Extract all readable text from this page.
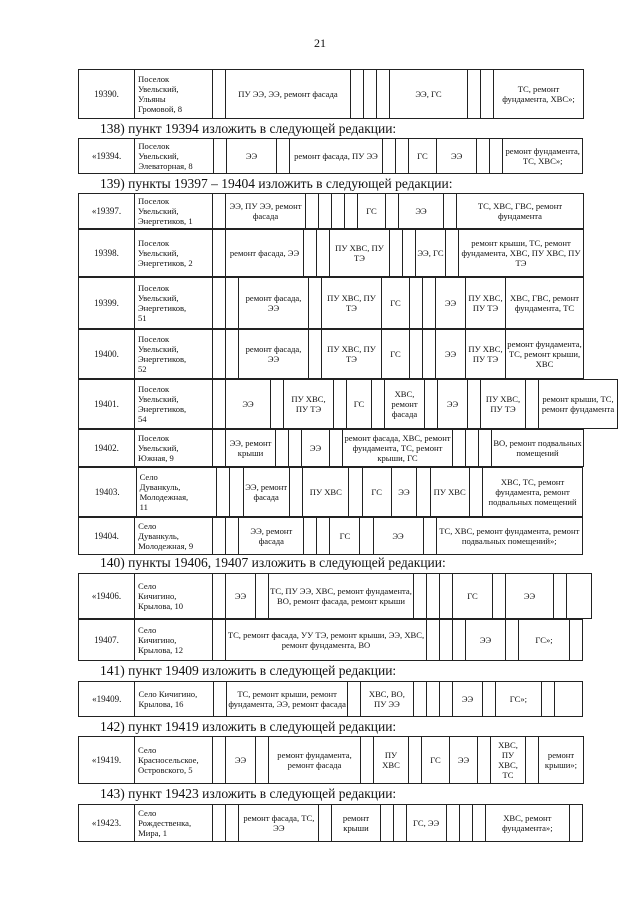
21
19390.	
Поселок
Увельский,
Ульяны
Громовой, 8
		ПУ ЭЭ, ЭЭ, ремонт фасада				ЭЭ, ГС			ТС, ремонт фундамента, ХВС»;
138) пункт 19394 изложить в следующей редакции:
«19394.	
Поселок
Увельский,
Элеваторная, 8
		ЭЭ		ремонт фасада, ПУ ЭЭ			ГС	ЭЭ			ремонт фундамента, ТС, ХВС»;
139) пункты 19397 – 19404 изложить в следующей редакции:
«19397.	
Поселок
Увельский,
Энергетиков, 1
		ЭЭ, ПУ ЭЭ, ремонт фасада					ГС		ЭЭ		ТС, ХВС, ГВС, ремонт фундамента
19398.	
Поселок
Увельский,
Энергетиков, 2
		ремонт фасада, ЭЭ			ПУ ХВС, ПУ ТЭ			ЭЭ, ГС		ремонт крыши, ТС, ремонт фундамента, ХВС, ПУ ХВС, ПУ ТЭ
19399.	
Поселок
Увельский,
Энергетиков,
51
			ремонт фасада, ЭЭ		ПУ ХВС, ПУ ТЭ	ГС			ЭЭ	ПУ ХВС, ПУ ТЭ	ХВС, ГВС, ремонт фундамента, ТС
19400.	
Поселок
Увельский,
Энергетиков,
52
			ремонт фасада, ЭЭ		ПУ ХВС, ПУ ТЭ	ГС			ЭЭ	ПУ ХВС, ПУ ТЭ	ремонт фундамента, ТС, ремонт крыши, ХВС
19401.	
Поселок
Увельский,
Энергетиков,
54
		ЭЭ		ПУ ХВС, ПУ ТЭ		ГС		ХВС, ремонт фасада		ЭЭ		ПУ ХВС, ПУ ТЭ		ремонт крыши, ТС, ремонт фундамента
19402.	
Поселок
Увельский,
Южная, 9
		ЭЭ, ремонт крыши			ЭЭ		ремонт фасада, ХВС, ремонт фундамента, ТС, ремонт крыши, ГС				ВО, ремонт подвальных помещений
19403.	
Село
Дуванкуль,
Молодежная,
11
			ЭЭ, ремонт фасада		ПУ ХВС		ГС	ЭЭ		ПУ ХВС		ХВС, ТС, ремонт фундамента, ремонт подвальных помещений
19404.	
Село
Дуванкуль,
Молодежная, 9
			ЭЭ, ремонт фасада			ГС		ЭЭ		ТС, ХВС, ремонт фундамента, ремонт подвальных помещений»;
140) пункты 19406, 19407 изложить в следующей редакции:
«19406.	
Село
Кичигино,
Крылова, 10
		ЭЭ		ТС, ПУ ЭЭ, ХВС, ремонт фундамента, ВО, ремонт фасада, ремонт крыши				ГС		ЭЭ		
19407.	
Село
Кичигино,
Крылова, 12
		ТС, ремонт фасада, УУ ТЭ, ремонт крыши, ЭЭ, ХВС, ремонт фундамента, ВО				ЭЭ		ГС»;	
141) пункт 19409 изложить в следующей редакции:
«19409.	Село Кичигино,
Крылова, 16
		ТС, ремонт крыши, ремонт фундамента, ЭЭ, ремонт фасада		ХВС, ВО, ПУ ЭЭ				ЭЭ		ГС»;		
142) пункт 19419 изложить в следующей редакции:
«19419.	
Село
Красносельское,
Островского, 5
		ЭЭ		ремонт фундамента, ремонт фасада		ПУ ХВС		ГС	ЭЭ		ХВС, ПУ ХВС, ТС		ремонт крыши»;
143) пункт 19423 изложить в следующей редакции:
«19423.	
Село
Рождественка,
Мира, 1
			ремонт фасада, ТС, ЭЭ		ремонт крыши			ГС, ЭЭ				ХВС, ремонт фундамента»;	
